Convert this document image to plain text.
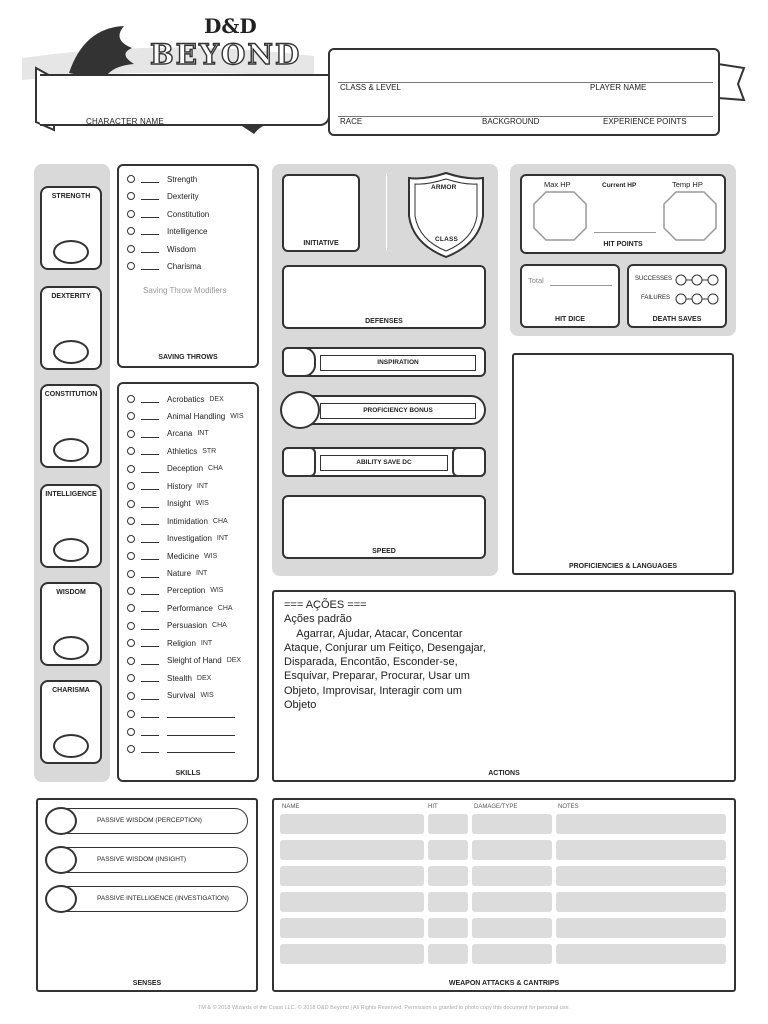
D&D
BEYOND
CHARACTER NAME
CLASS & LEVEL	PLAYER NAME
RACE	BACKGROUND	EXPERIENCE POINTS
STRENGTH
DEXTERITY
CONSTITUTION
INTELLIGENCE
WISDOM
CHARISMA
Strength
Dexterity
Constitution
Intelligence
Wisdom
Charisma
Saving Throw Modifiers
SAVING THROWS
Acrobatics DEX
Animal Handling WIS
Arcana INT
Athletics STR
Deception CHA
History INT
Insight WIS
Intimidation CHA
Investigation INT
Medicine WIS
Nature INT
Perception WIS
Performance CHA
Persuasion CHA
Religion INT
Sleight of Hand DEX
Stealth DEX
Survival WIS
SKILLS
INITIATIVE
ARMOR
CLASS
DEFENSES
INSPIRATION
PROFICIENCY BONUS
ABILITY SAVE DC
SPEED
Max HP	Current HP	Temp HP
HIT POINTS
Total
HIT DICE
SUCCESSES
FAILURES
DEATH SAVES
PROFICIENCIES & LANGUAGES
=== AÇÕES ===
Ações padrão
Agarrar, Ajudar, Atacar, Concentar
Ataque, Conjurar um Feitiço, Desengajar,
Disparada, Encontão, Esconder-se,
Esquivar, Preparar, Procurar, Usar um
Objeto, Improvisar, Interagir com um
Objeto
ACTIONS
SENSES
PASSIVE WISDOM (PERCEPTION)
PASSIVE WISDOM (INSIGHT)
PASSIVE INTELLIGENCE (INVESTIGATION)
WEAPON ATTACKS & CANTRIPS
NAME	HIT	DAMAGE/TYPE	NOTES
TM & © 2018 Wizards of the Coast LLC. © 2018 D&D Beyond | All Rights Reserved. Permission is granted to photo copy this document for personal use.
